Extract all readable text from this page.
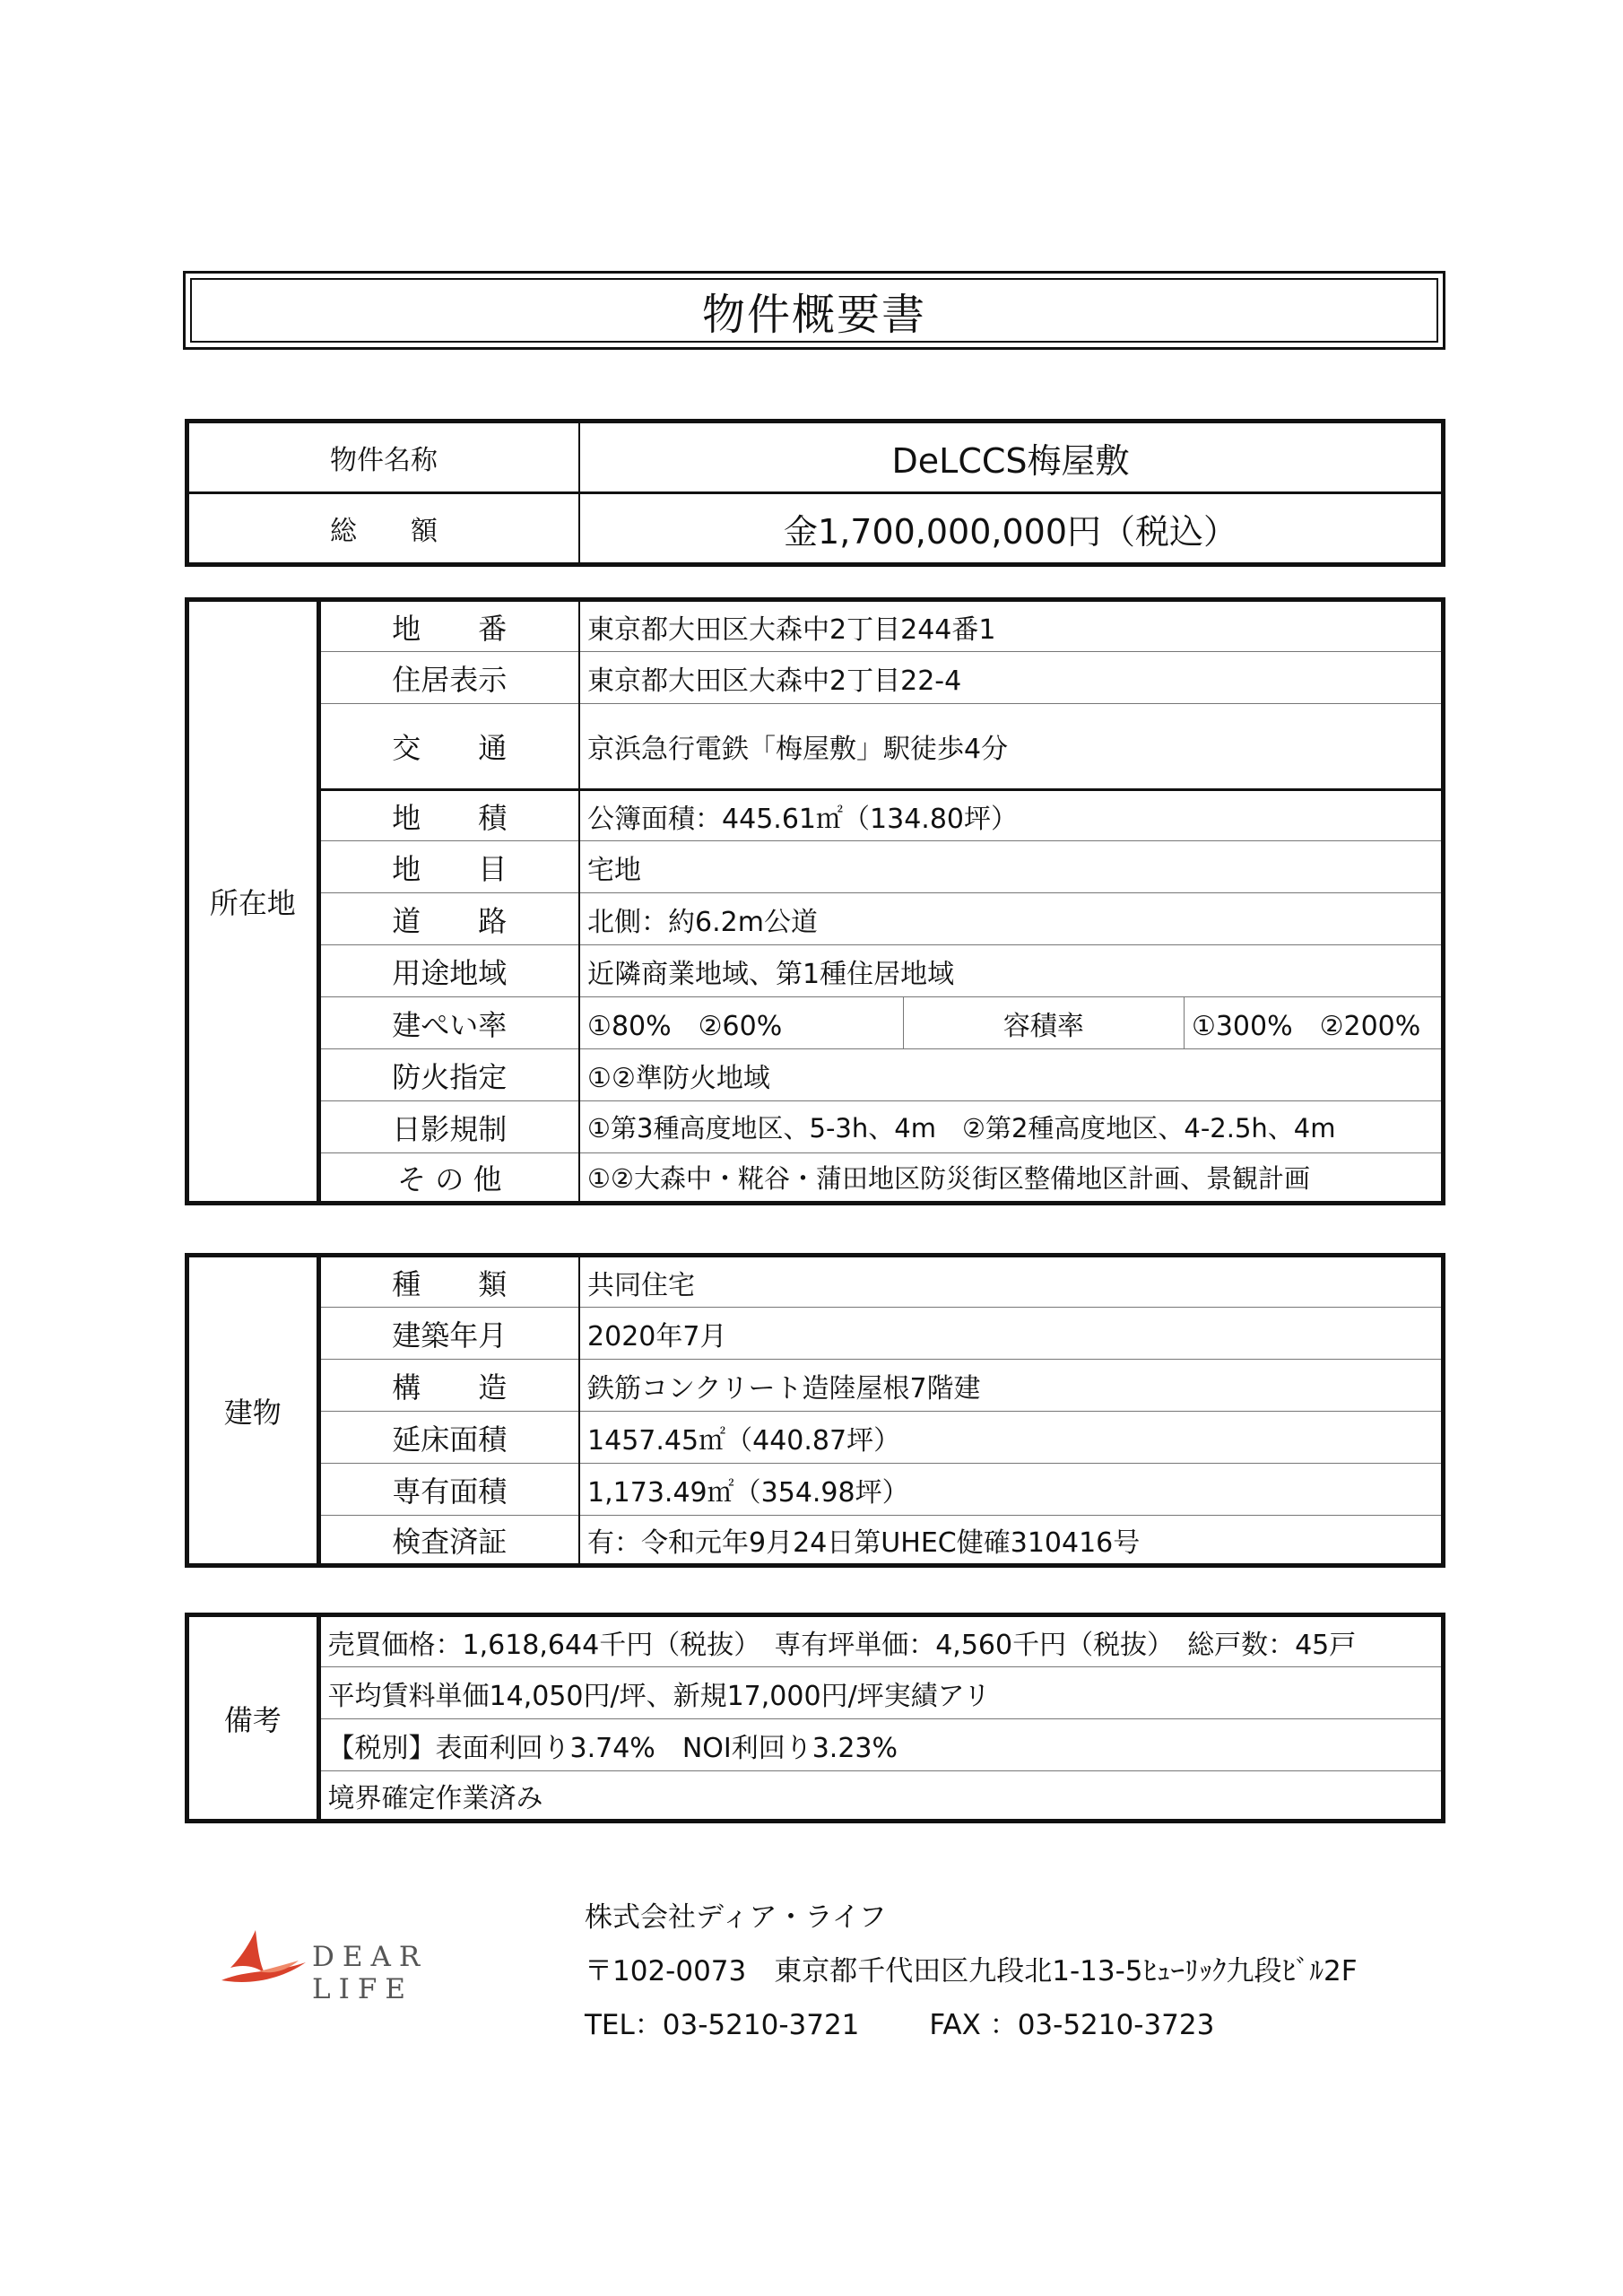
物件概要書
物件名称	DeLCCS梅屋敷
総　　額	金1,700,000,000円（税込）
所在地	地　　番	東京都大田区大森中2丁目244番1		
	住居表示	東京都大田区大森中2丁目22-4		
	交　　通	京浜急行電鉄「梅屋敷」駅徒歩4分		
	地　　積	公簿面積：445.61㎡（134.80坪）		
	地　　目	宅地		
	道　　路	北側：約6.2m公道		
	用途地域	近隣商業地域、第1種住居地域		
	建ぺい率	①80%　②60%	容積率	①300%　②200%
	防火指定	①②準防火地域		
	日影規制	①第3種高度地区、5-3h、4m　②第2種高度地区、4-2.5h、4m		
	そ の 他	①②大森中・糀谷・蒲田地区防災街区整備地区計画、景観計画		
建物	種　　類	共同住宅
	建築年月	2020年7月
	構　　造	鉄筋コンクリート造陸屋根7階建
	延床面積	1457.45㎡（440.87坪）
	専有面積	1,173.49㎡（354.98坪）
	検査済証	有：令和元年9月24日第UHEC健確310416号
備考	売買価格：1,618,644千円（税抜）　専有坪単価：4,560千円（税抜）　総戸数：45戸
平均賃料単価14,050円/坪、新規17,000円/坪実績アリ
【税別】表面利回り3.74%　NOI利回り3.23%
境界確定作業済み
DEAR LIFE
株式会社ディア・ライフ
〒102-0073　東京都千代田区九段北1-13-5ﾋｭｰﾘｯｸ九段ﾋﾞﾙ2F
TEL：03-5210-3721	FAX ：03-5210-3723
